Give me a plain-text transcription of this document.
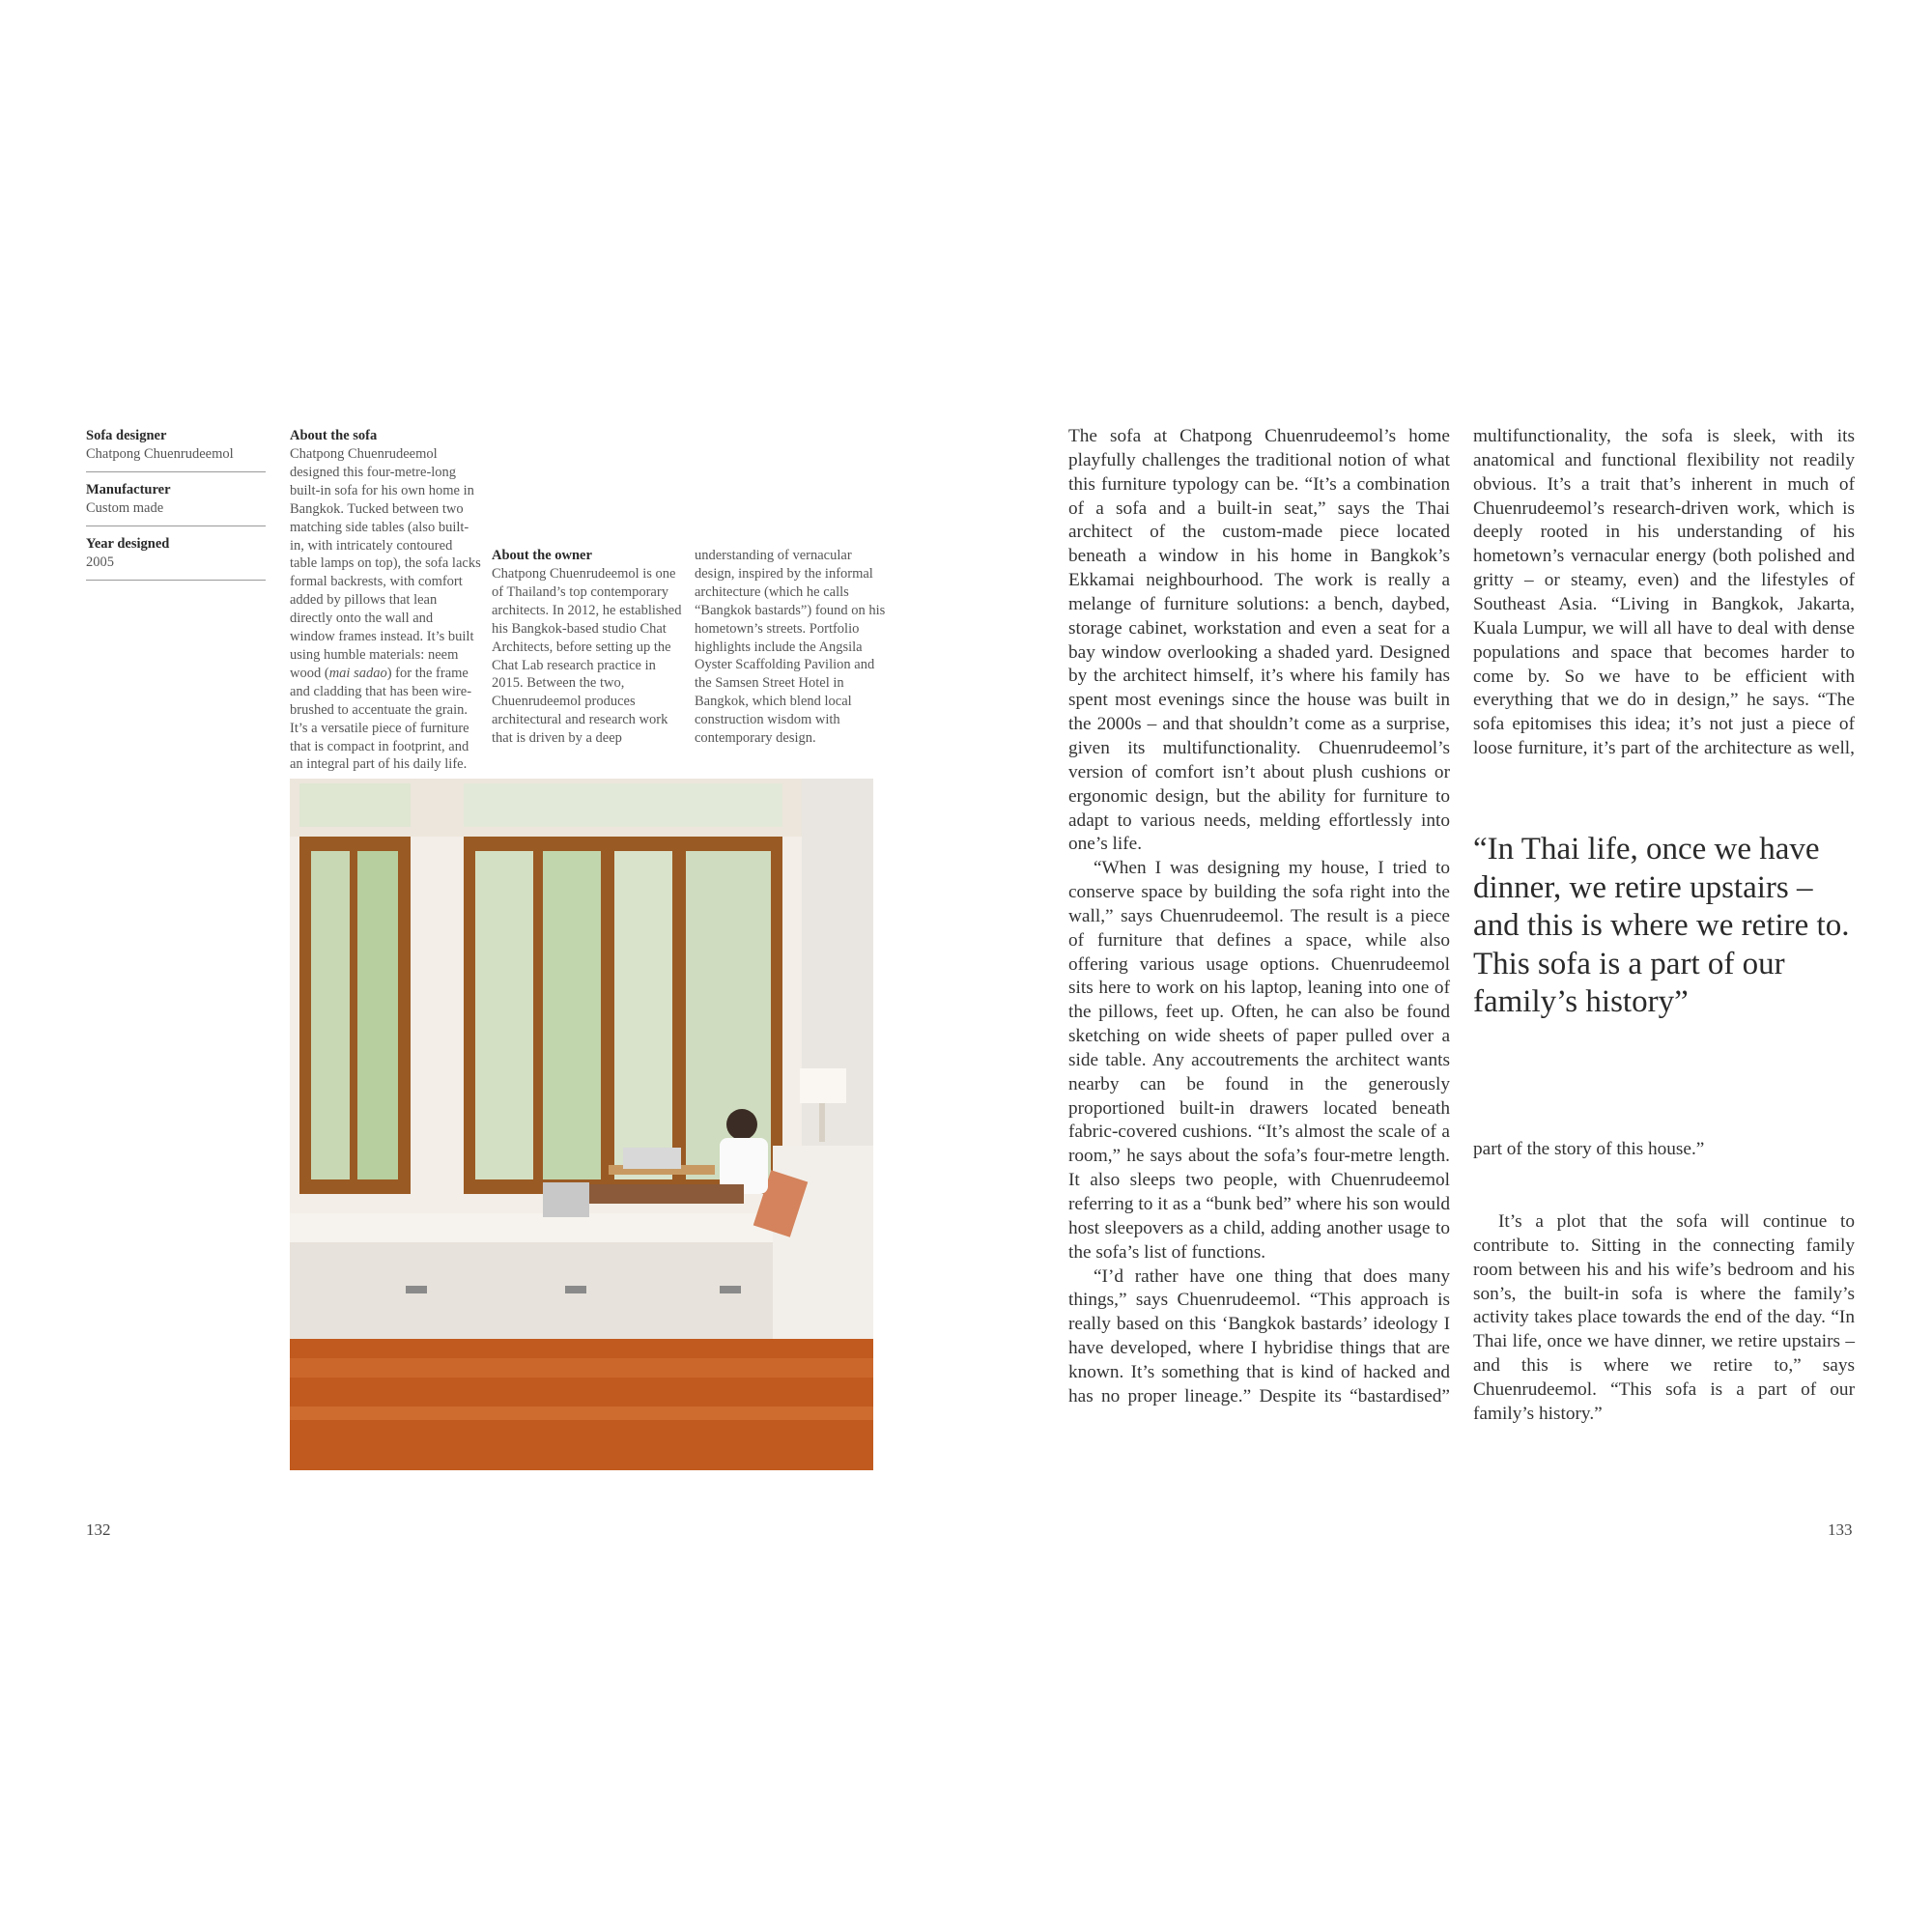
Sofa designer
Chatpong Chuenrudeemol
Manufacturer
Custom made
Year designed
2005
About the sofa

Chatpong Chuenrudeemol designed this four-metre-long built-in sofa for his own home in Bangkok. Tucked between two matching side tables (also built-in, with intricately contoured table lamps on top), the sofa lacks formal backrests, with comfort added by pillows that lean directly onto the wall and window frames instead. It’s built using humble materials: neem wood (mai sadao) for the frame and cladding that has been wire-brushed to accentuate the grain. It’s a versatile piece of furniture that is compact in footprint, and an integral part of his daily life.

About the owner

Chatpong Chuenrudeemol is one of Thailand’s top contemporary architects. In 2012, he established his Bangkok-based studio Chat Architects, before setting up the Chat Lab research practice in 2015. Between the two, Chuenrudeemol produces architectural and research work that is driven by a deep understanding of vernacular design, inspired by the informal architecture (which he calls “Bangkok bastards”) found on his hometown’s streets. Portfolio highlights include the Angsila Oyster Scaffolding Pavilion and the Samsen Street Hotel in Bangkok, which blend local construction wisdom with contemporary design.

The sofa at Chatpong Chuenrudeemol’s home playfully challenges the traditional notion of what this furniture typology can be. “It’s a combination of a sofa and a built-in seat,” says the Thai architect of the custom-made piece located beneath a window in his home in Bangkok’s Ekkamai neighbourhood. The work is really a melange of furniture solutions: a bench, daybed, storage cabinet, workstation and even a seat for a bay window overlooking a shaded yard. Designed by the architect himself, it’s where his family has spent most evenings since the house was built in the 2000s – and that shouldn’t come as a surprise, given its multifunctionality. Chuenrudeemol’s version of comfort isn’t about plush cushions or ergonomic design, but the ability for furniture to adapt to various needs, melding effortlessly into one’s life.

“When I was designing my house, I tried to conserve space by building the sofa right into the wall,” says Chuenrudeemol. The result is a piece of furniture that defines a space, while also offering various usage options. Chuenrudeemol sits here to work on his laptop, leaning into one of the pillows, feet up. Often, he can also be found sketching on wide sheets of paper pulled over a side table. Any accoutrements the architect wants nearby can be found in the generously proportioned built-in drawers located beneath fabric-covered cushions. “It’s almost the scale of a room,” he says about the sofa’s four-metre length. It also sleeps two people, with Chuenrudeemol referring to it as a “bunk bed” where his son would host sleepovers as a child, adding another usage to the sofa’s list of functions.

“I’d rather have one thing that does many things,” says Chuenrudeemol. “This approach is really based on this ‘Bangkok bastards’ ideology I have developed, where I hybridise things that are known. It’s something that is kind of hacked and has no proper lineage.” Despite its “bastardised”

multifunctionality, the sofa is sleek, with its anatomical and functional flexibility not readily obvious. It’s a trait that’s inherent in much of Chuenrudeemol’s research-driven work, which is deeply rooted in his understanding of his hometown’s vernacular energy (both polished and gritty – or steamy, even) and the lifestyles of Southeast Asia. “Living in Bangkok, Jakarta, Kuala Lumpur, we will all have to deal with dense populations and space that becomes harder to come by. So we have to be efficient with everything that we do in design,” he says. “The sofa epitomises this idea; it’s not just a piece of loose furniture, it’s part of the architecture as well,

“In Thai life, once we have dinner, we retire upstairs – and this is where we retire to. This sofa is a part of our family’s history”

part of the story of this house.”

It’s a plot that the sofa will continue to contribute to. Sitting in the connecting family room between his and his wife’s bedroom and his son’s, the built-in sofa is where the family’s activity takes place towards the end of the day. “In Thai life, once we have dinner, we retire upstairs – and this is where we retire to,” says Chuenrudeemol. “This sofa is a part of our family’s history.”

132	133
